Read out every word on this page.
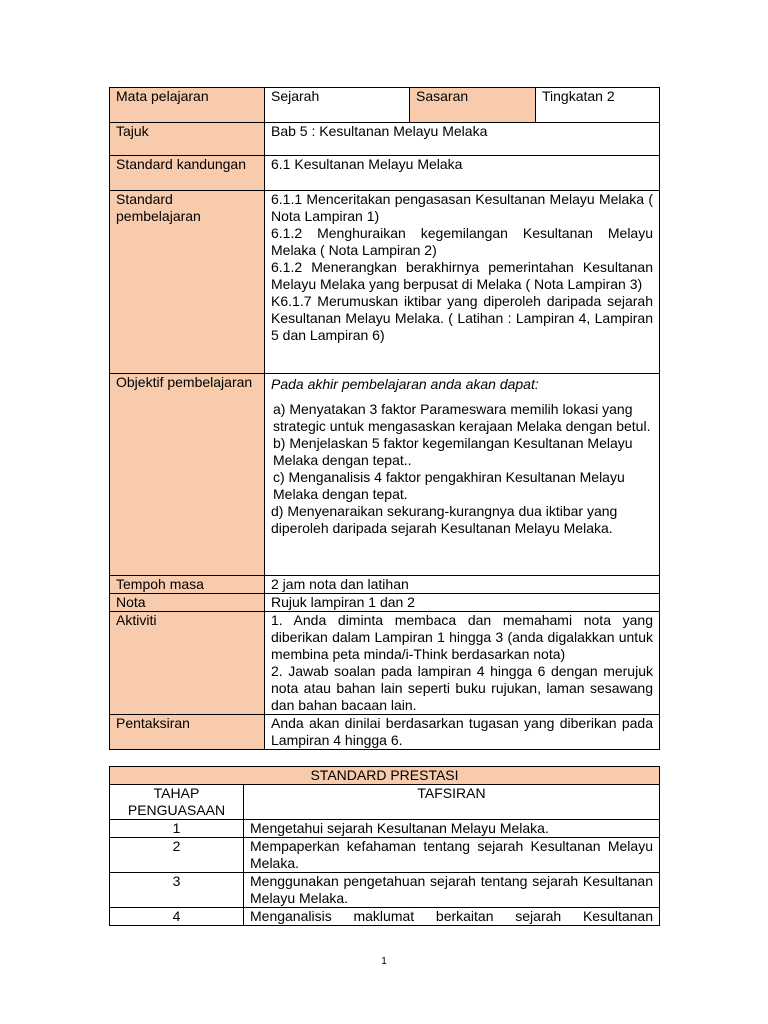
Mata pelajaran	Sejarah	Sasaran	Tingkatan 2
Tajuk	Bab 5 : Kesultanan Melayu Melaka		
Standard kandungan	6.1 Kesultanan Melayu Melaka		
Standard pembelajaran	6.1.1 Menceritakan pengasasan Kesultanan Melayu Melaka ( Nota Lampiran 1)

6.1.2 Menghuraikan kegemilangan Kesultanan Melayu Melaka ( Nota Lampiran 2)

6.1.2 Menerangkan berakhirnya pemerintahan Kesultanan Melayu Melaka yang berpusat di Melaka ( Nota Lampiran 3)

K6.1.7 Merumuskan iktibar yang diperoleh daripada sejarah Kesultanan Melayu Melaka. ( Latihan : Lampiran 4, Lampiran 5 dan Lampiran 6)		

Objektif pembelajaran	Pada akhir pembelajaran anda akan dapat:

a) Menyatakan 3 faktor Parameswara memilih lokasi yang strategic untuk mengasaskan kerajaan Melaka dengan betul.

b) Menjelaskan 5 faktor kegemilangan Kesultanan Melayu Melaka dengan tepat..

c) Menganalisis 4 faktor pengakhiran Kesultanan Melayu Melaka dengan tepat.

d) Menyenaraikan sekurang-kurangnya dua iktibar yang diperoleh daripada sejarah Kesultanan Melayu Melaka.		

Tempoh masa	2 jam nota dan latihan		
Nota	Rujuk lampiran 1 dan 2		
Aktiviti	1. Anda diminta membaca dan memahami nota yang diberikan dalam Lampiran 1 hingga 3 (anda digalakkan untuk membina peta minda/i-Think berdasarkan nota)

2. Jawab soalan pada lampiran 4 hingga 6 dengan merujuk nota atau bahan lain seperti buku rujukan, laman sesawang dan bahan bacaan lain.		

Pentaksiran	Anda akan dinilai berdasarkan tugasan yang diberikan pada Lampiran 4 hingga 6.		
STANDARD PRESTASI	
TAHAP PENGUASAAN	TAFSIRAN
1	Mengetahui sejarah Kesultanan Melayu Melaka.
2	Mempaperkan kefahaman tentang sejarah Kesultanan Melayu Melaka.
3	Menggunakan pengetahuan sejarah tentang sejarah Kesultanan Melayu Melaka.
4	Menganalisis maklumat berkaitan sejarah Kesultanan
1
